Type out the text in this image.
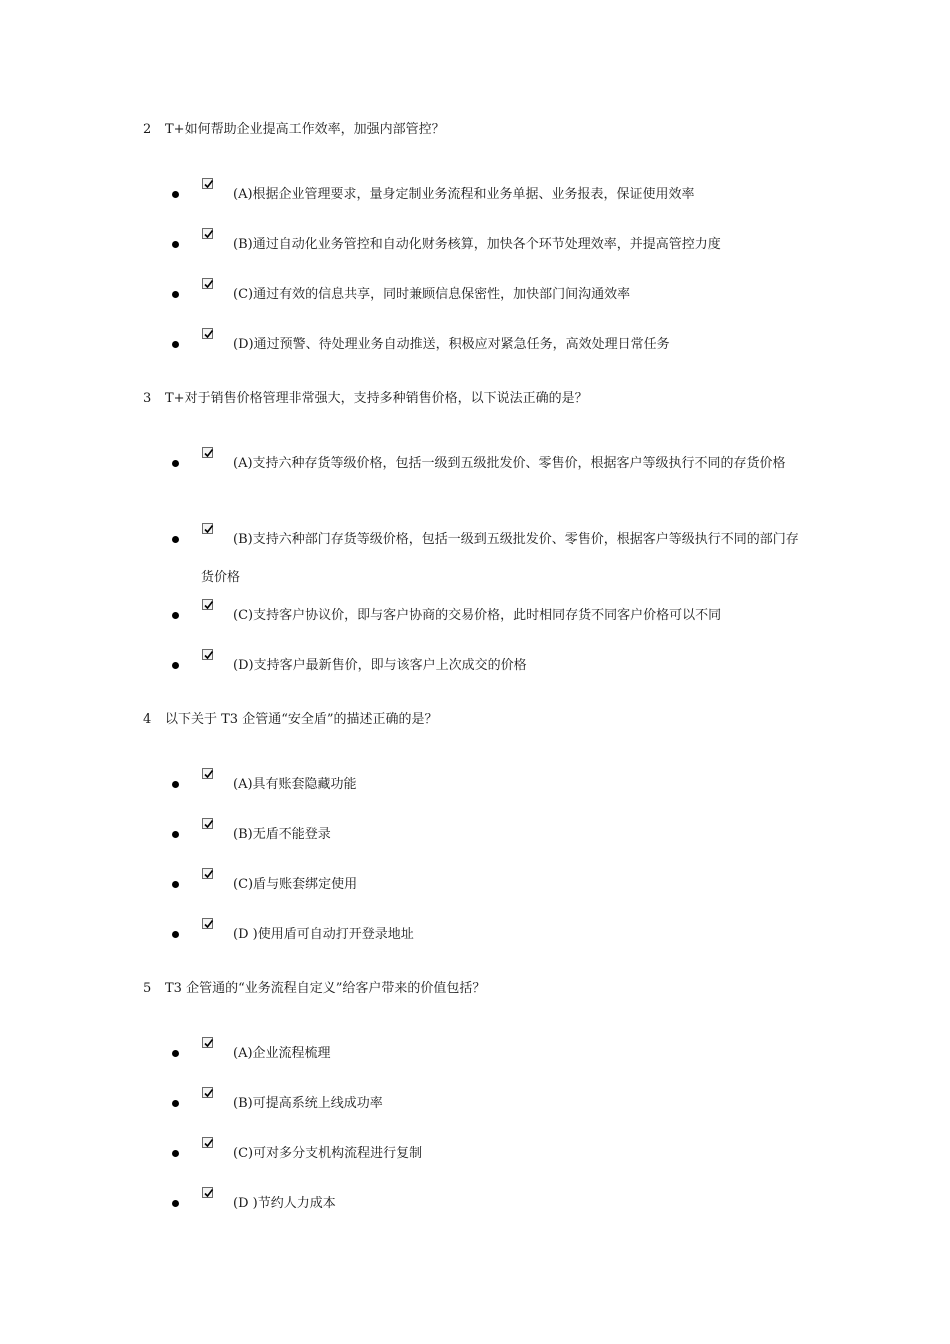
2 T+如何帮助企业提高工作效率，加强内部管控？
(A)根据企业管理要求，量身定制业务流程和业务单据、业务报表，保证使用效率
(B)通过自动化业务管控和自动化财务核算，加快各个环节处理效率，并提高管控力度
(C)通过有效的信息共享，同时兼顾信息保密性，加快部门间沟通效率
(D)通过预警、待处理业务自动推送，积极应对紧急任务，高效处理日常任务
3 T+对于销售价格管理非常强大，支持多种销售价格，以下说法正确的是？
(A)支持六种存货等级价格，包括一级到五级批发价、零售价，根据客户等级执行不同的存货价格
(B)支持六种部门存货等级价格，包括一级到五级批发价、零售价，根据客户等级执行不同的部门存货价格
(C)支持客户协议价，即与客户协商的交易价格，此时相同存货不同客户价格可以不同
(D)支持客户最新售价，即与该客户上次成交的价格
4 以下关于 T3 企管通“安全盾”的描述正确的是？
(A)具有账套隐藏功能
(B)无盾不能登录
(C)盾与账套绑定使用
(D )使用盾可自动打开登录地址
5 T3 企管通的“业务流程自定义”给客户带来的价值包括？
(A)企业流程梳理
(B)可提高系统上线成功率
(C)可对多分支机构流程进行复制
(D )节约人力成本
